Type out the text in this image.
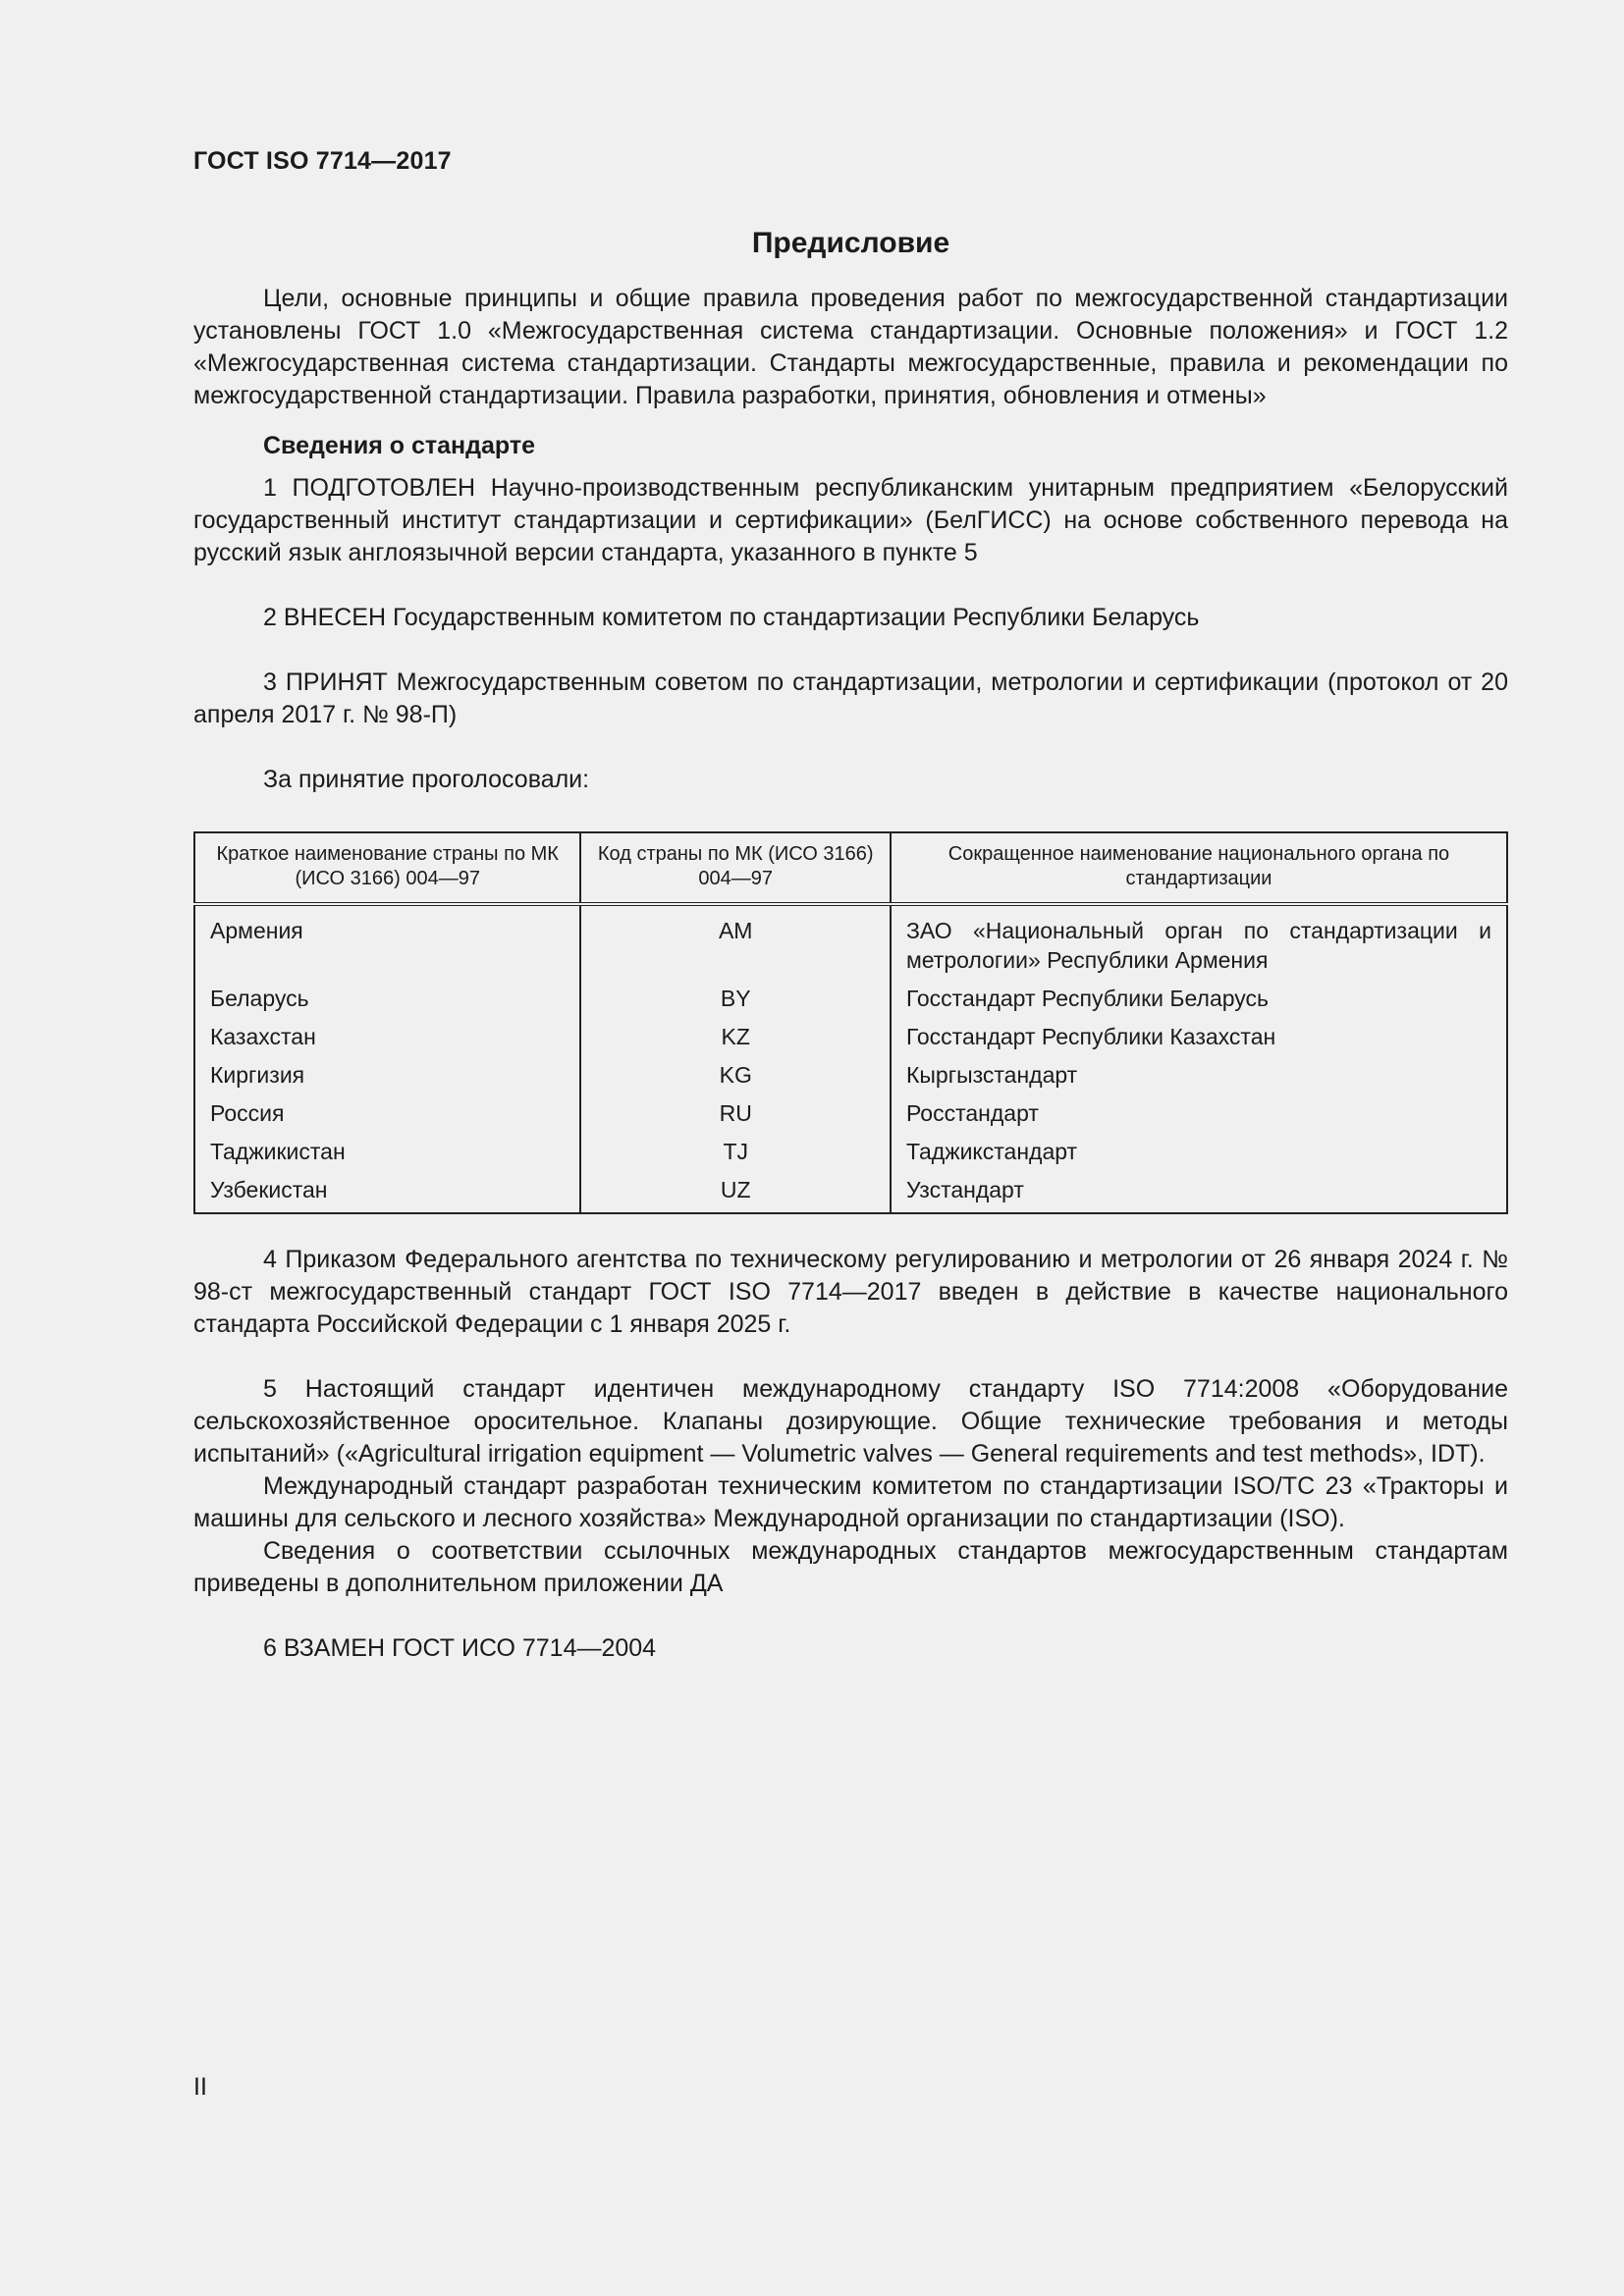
ГОСТ ISO 7714—2017
Предисловие

Цели, основные принципы и общие правила проведения работ по межгосударственной стандартизации установлены ГОСТ 1.0 «Межгосударственная система стандартизации. Основные положения» и ГОСТ 1.2 «Межгосударственная система стандартизации. Стандарты межгосударственные, правила и рекомендации по межгосударственной стандартизации. Правила разработки, принятия, обновления и отмены»

Сведения о стандарте

1 ПОДГОТОВЛЕН Научно-производственным республиканским унитарным предприятием «Белорусский государственный институт стандартизации и сертификации» (БелГИСС) на основе собственного перевода на русский язык англоязычной версии стандарта, указанного в пункте 5

2 ВНЕСЕН Государственным комитетом по стандартизации Республики Беларусь

3 ПРИНЯТ Межгосударственным советом по стандартизации, метрологии и сертификации (протокол от 20 апреля 2017 г. № 98-П)

За принятие проголосовали:

Краткое наименование страны по МК (ИСО 3166) 004—97	Код страны по МК (ИСО 3166) 004—97	Сокращенное наименование национального органа по стандартизации
Армения	AM	ЗАО «Национальный орган по стандартизации и метрологии» Республики Армения
Беларусь	BY	Госстандарт Республики Беларусь
Казахстан	KZ	Госстандарт Республики Казахстан
Киргизия	KG	Кыргызстандарт
Россия	RU	Росстандарт
Таджикистан	TJ	Таджикстандарт
Узбекистан	UZ	Узстандарт

4 Приказом Федерального агентства по техническому регулированию и метрологии от 26 января 2024 г. № 98-ст межгосударственный стандарт ГОСТ ISO 7714—2017 введен в действие в качестве национального стандарта Российской Федерации с 1 января 2025 г.

5 Настоящий стандарт идентичен международному стандарту ISO 7714:2008 «Оборудование сельскохозяйственное оросительное. Клапаны дозирующие. Общие технические требования и методы испытаний» («Agricultural irrigation equipment — Volumetric valves — General requirements and test methods», IDT).

Международный стандарт разработан техническим комитетом по стандартизации ISO/TC 23 «Тракторы и машины для сельского и лесного хозяйства» Международной организации по стандартизации (ISO).

Сведения о соответствии ссылочных международных стандартов межгосударственным стандартам приведены в дополнительном приложении ДА

6 ВЗАМЕН ГОСТ ИСО 7714—2004

II
